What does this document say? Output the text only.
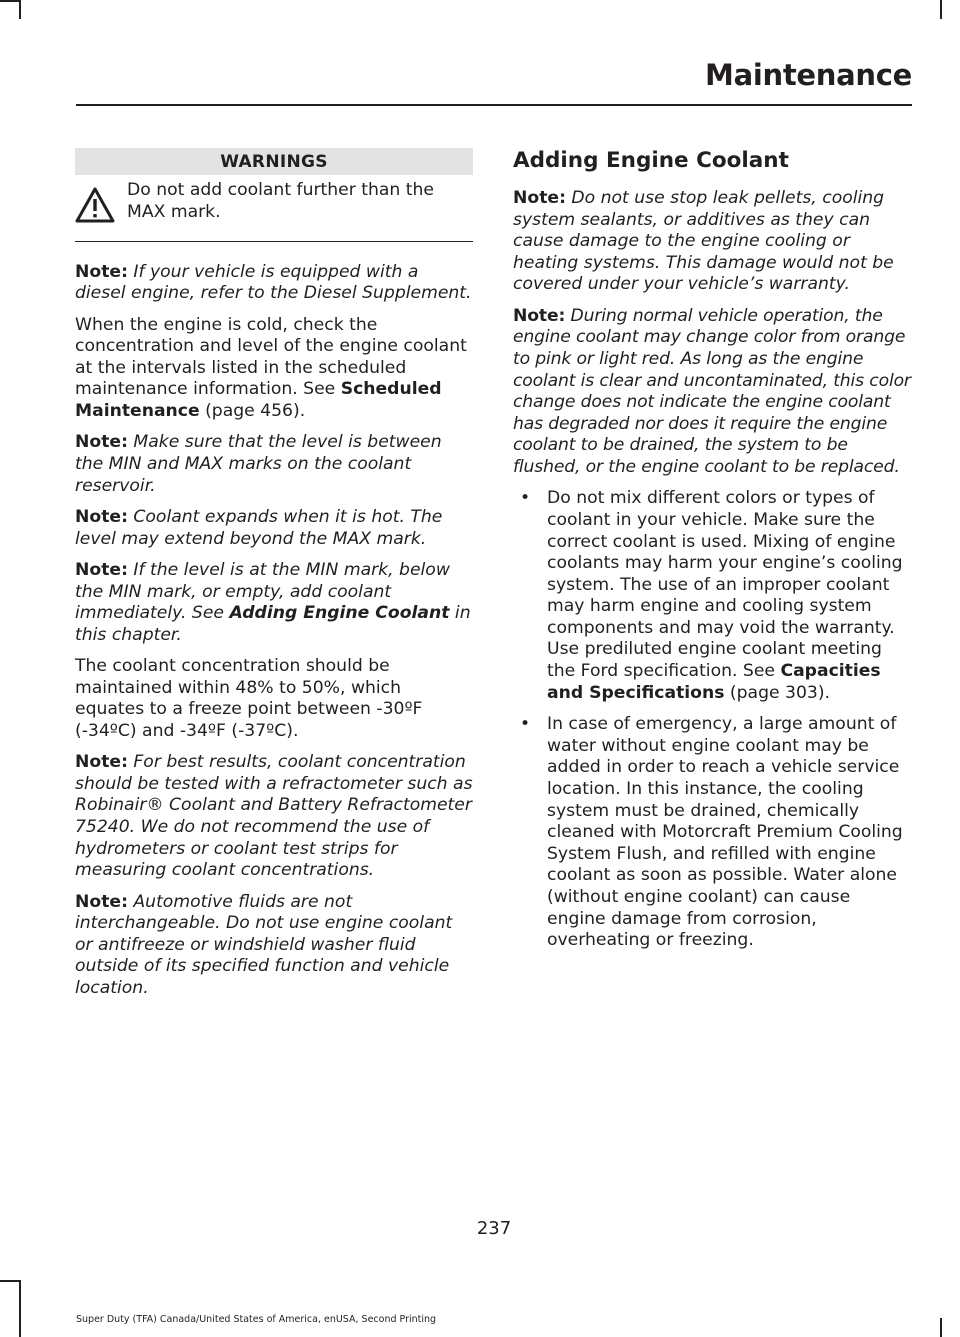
Maintenance
WARNINGS
Do not add coolant further than the MAX mark.

Note: If your vehicle is equipped with a diesel engine, refer to the Diesel Supplement.

When the engine is cold, check the concentration and level of the engine coolant at the intervals listed in the scheduled maintenance information. See Scheduled Maintenance (page 456).

Note: Make sure that the level is between the MIN and MAX marks on the coolant reservoir.

Note: Coolant expands when it is hot. The level may extend beyond the MAX mark.

Note: If the level is at the MIN mark, below the MIN mark, or empty, add coolant immediately. See Adding Engine Coolant in this chapter.

The coolant concentration should be maintained within 48% to 50%, which equates to a freeze point between -30ºF (-34ºC) and -34ºF (-37ºC).

Note: For best results, coolant concentration should be tested with a refractometer such as Robinair® Coolant and Battery Refractometer 75240. We do not recommend the use of hydrometers or coolant test strips for measuring coolant concentrations.

Note: Automotive fluids are not interchangeable. Do not use engine coolant or antifreeze or windshield washer fluid outside of its specified function and vehicle location.

Adding Engine Coolant

Note: Do not use stop leak pellets, cooling system sealants, or additives as they can cause damage to the engine cooling or heating systems. This damage would not be covered under your vehicle’s warranty.

Note: During normal vehicle operation, the engine coolant may change color from orange to pink or light red. As long as the engine coolant is clear and uncontaminated, this color change does not indicate the engine coolant has degraded nor does it require the engine coolant to be drained, the system to be flushed, or the engine coolant to be replaced.

• Do not mix different colors or types of coolant in your vehicle. Make sure the correct coolant is used. Mixing of engine coolants may harm your engine’s cooling system. The use of an improper coolant may harm engine and cooling system components and may void the warranty. Use prediluted engine coolant meeting the Ford specification. See Capacities and Specifications (page 303).
• In case of emergency, a large amount of water without engine coolant may be added in order to reach a vehicle service location. In this instance, the cooling system must be drained, chemically cleaned with Motorcraft Premium Cooling System Flush, and refilled with engine coolant as soon as possible. Water alone (without engine coolant) can cause engine damage from corrosion, overheating or freezing.
237
Super Duty (TFA) Canada/United States of America, enUSA, Second Printing
